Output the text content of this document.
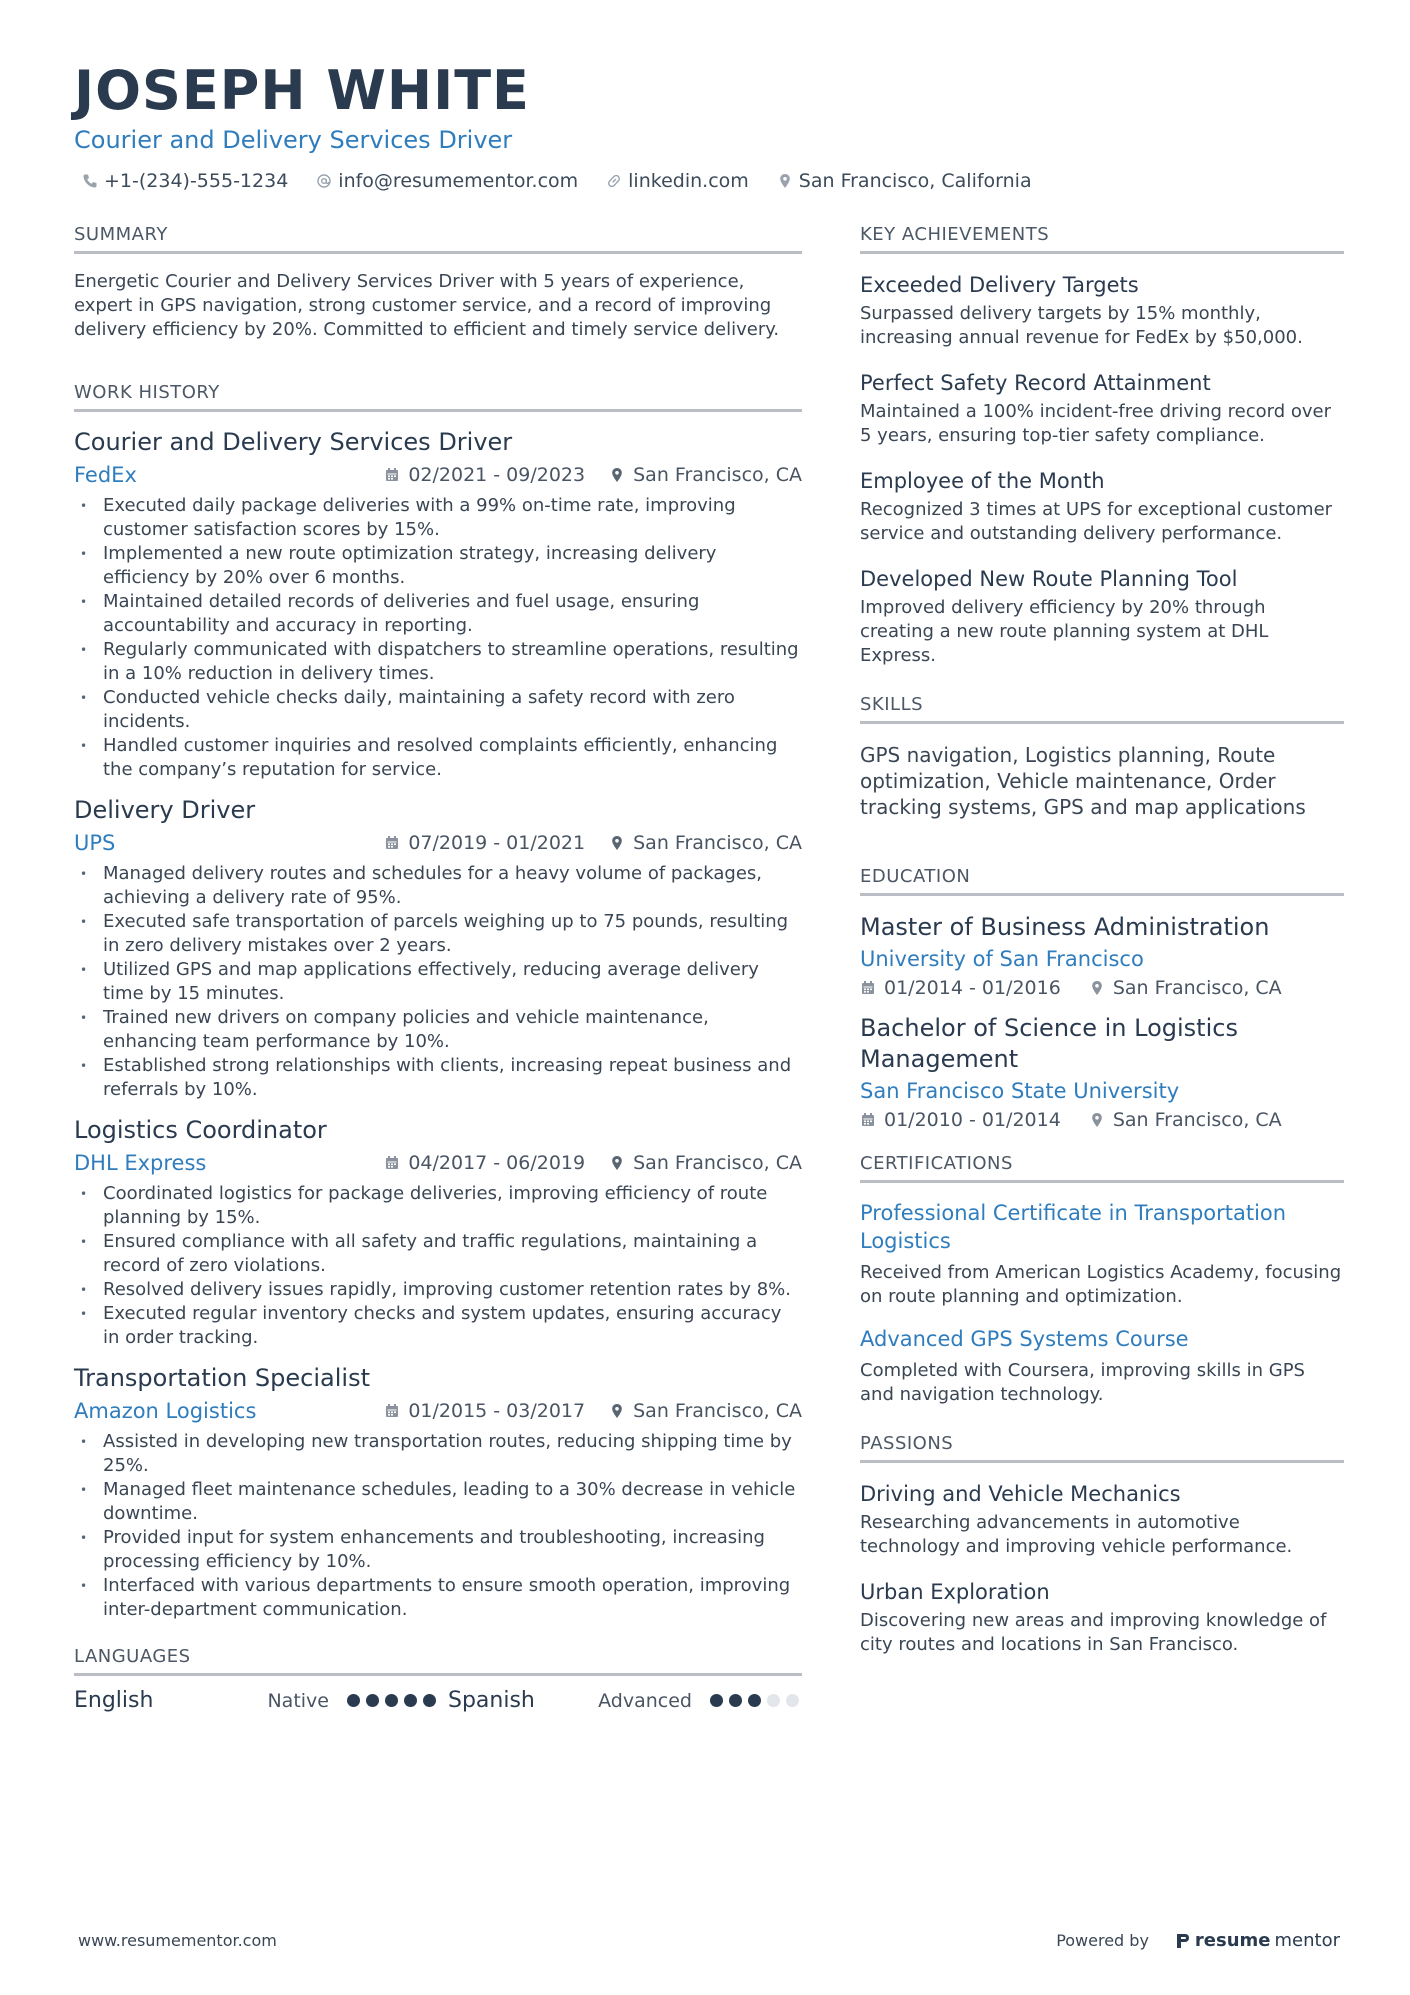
JOSEPH WHITE
Courier and Delivery Services Driver
+1-(234)-555-1234	info@resumementor.com	linkedin.com	San Francisco, California
SUMMARY
Energetic Courier and Delivery Services Driver with 5 years of experience, expert in GPS navigation, strong customer service, and a record of improving delivery efficiency by 20%. Committed to efficient and timely service delivery.
WORK HISTORY
Courier and Delivery Services Driver
FedEx	02/2021 - 09/2023	San Francisco, CA
• Executed daily package deliveries with a 99% on-time rate, improving customer satisfaction scores by 15%.
• Implemented a new route optimization strategy, increasing delivery efficiency by 20% over 6 months.
• Maintained detailed records of deliveries and fuel usage, ensuring accountability and accuracy in reporting.
• Regularly communicated with dispatchers to streamline operations, resulting in a 10% reduction in delivery times.
• Conducted vehicle checks daily, maintaining a safety record with zero incidents.
• Handled customer inquiries and resolved complaints efficiently, enhancing the company’s reputation for service.
Delivery Driver
UPS	07/2019 - 01/2021	San Francisco, CA
• Managed delivery routes and schedules for a heavy volume of packages, achieving a delivery rate of 95%.
• Executed safe transportation of parcels weighing up to 75 pounds, resulting in zero delivery mistakes over 2 years.
• Utilized GPS and map applications effectively, reducing average delivery time by 15 minutes.
• Trained new drivers on company policies and vehicle maintenance, enhancing team performance by 10%.
• Established strong relationships with clients, increasing repeat business and referrals by 10%.
Logistics Coordinator
DHL Express	04/2017 - 06/2019	San Francisco, CA
• Coordinated logistics for package deliveries, improving efficiency of route planning by 15%.
• Ensured compliance with all safety and traffic regulations, maintaining a record of zero violations.
• Resolved delivery issues rapidly, improving customer retention rates by 8%.
• Executed regular inventory checks and system updates, ensuring accuracy in order tracking.
Transportation Specialist
Amazon Logistics	01/2015 - 03/2017	San Francisco, CA
• Assisted in developing new transportation routes, reducing shipping time by 25%.
• Managed fleet maintenance schedules, leading to a 30% decrease in vehicle downtime.
• Provided input for system enhancements and troubleshooting, increasing processing efficiency by 10%.
• Interfaced with various departments to ensure smooth operation, improving inter-department communication.
LANGUAGES
English	Native	Spanish	Advanced
KEY ACHIEVEMENTS
Exceeded Delivery Targets
Surpassed delivery targets by 15% monthly, increasing annual revenue for FedEx by $50,000.
Perfect Safety Record Attainment
Maintained a 100% incident-free driving record over 5 years, ensuring top-tier safety compliance.
Employee of the Month
Recognized 3 times at UPS for exceptional customer service and outstanding delivery performance.
Developed New Route Planning Tool
Improved delivery efficiency by 20% through creating a new route planning system at DHL Express.
SKILLS
GPS navigation, Logistics planning, Route optimization, Vehicle maintenance, Order tracking systems, GPS and map applications
EDUCATION
Master of Business Administration
University of San Francisco
01/2014 - 01/2016	San Francisco, CA
Bachelor of Science in Logistics Management
San Francisco State University
01/2010 - 01/2014	San Francisco, CA
CERTIFICATIONS
Professional Certificate in Transportation Logistics
Received from American Logistics Academy, focusing on route planning and optimization.
Advanced GPS Systems Course
Completed with Coursera, improving skills in GPS and navigation technology.
PASSIONS
Driving and Vehicle Mechanics
Researching advancements in automotive technology and improving vehicle performance.
Urban Exploration
Discovering new areas and improving knowledge of city routes and locations in San Francisco.
www.resumementor.com	Powered by	resume mentor
